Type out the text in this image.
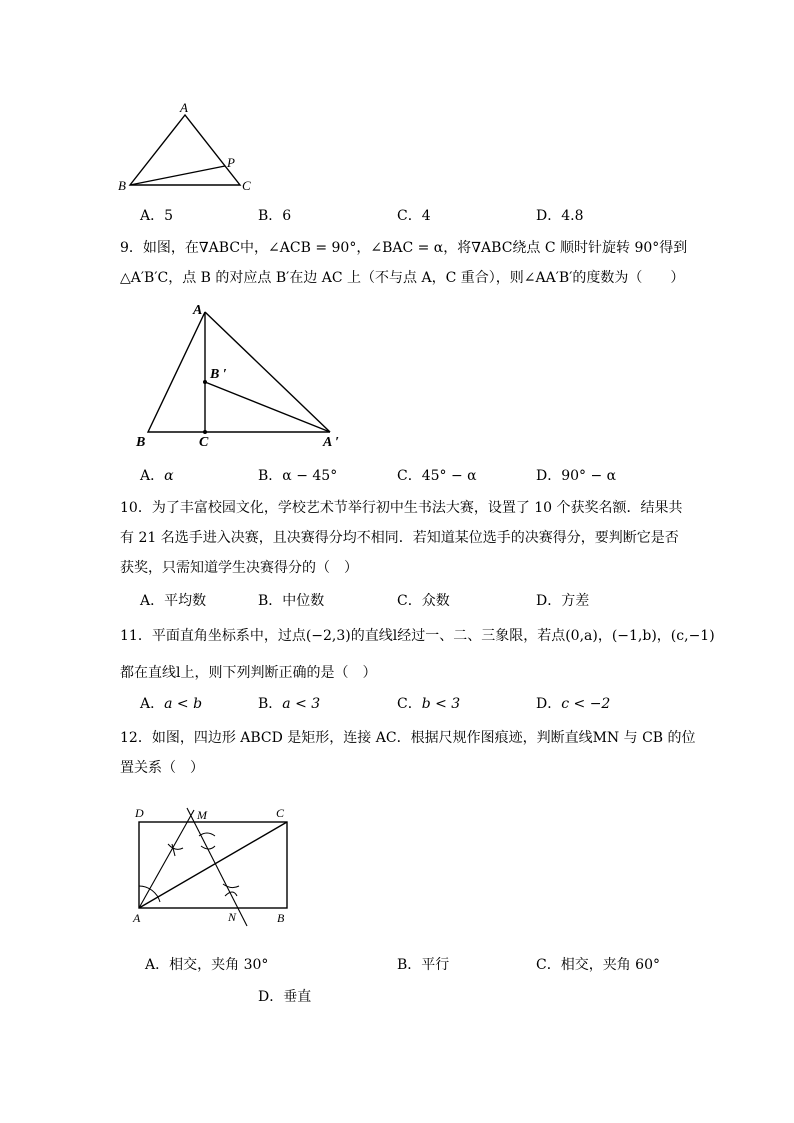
A
B	C
P
A．5	B．6	C．4	D．4.8
9．如图，在∇ABC中，∠ACB = 90°，∠BAC = α，将∇ABC绕点 C 顺时针旋转 90°得到
△A′B′C，点 B 的对应点 B′在边 AC 上（不与点 A，C 重合），则∠AA′B′的度数为（　　）
A
B	C
B ′
A ′
A．α	B．α − 45°	C．45° − α	D．90° − α
10．为了丰富校园文化，学校艺术节举行初中生书法大赛，设置了 10 个获奖名额．结果共
有 21 名选手进入决赛，且决赛得分均不相同．若知道某位选手的决赛得分，要判断它是否
获奖，只需知道学生决赛得分的（　）
A．平均数	B．中位数	C．众数	D．方差
11．平面直角坐标系中，过点(−2,3)的直线l经过一、二、三象限，若点(0,a)，(−1,b)，(c,−1)
都在直线l上，则下列判断正确的是（　）
A．a < b	B．a < 3	C．b < 3	D．c < −2
12．如图，四边形 ABCD 是矩形，连接 AC．根据尺规作图痕迹，判断直线MN 与 CB 的位
置关系（　）
D	M	C
A	N	B
A．相交，夹角 30°	B．平行	C．相交，夹角 60°
D．垂直
